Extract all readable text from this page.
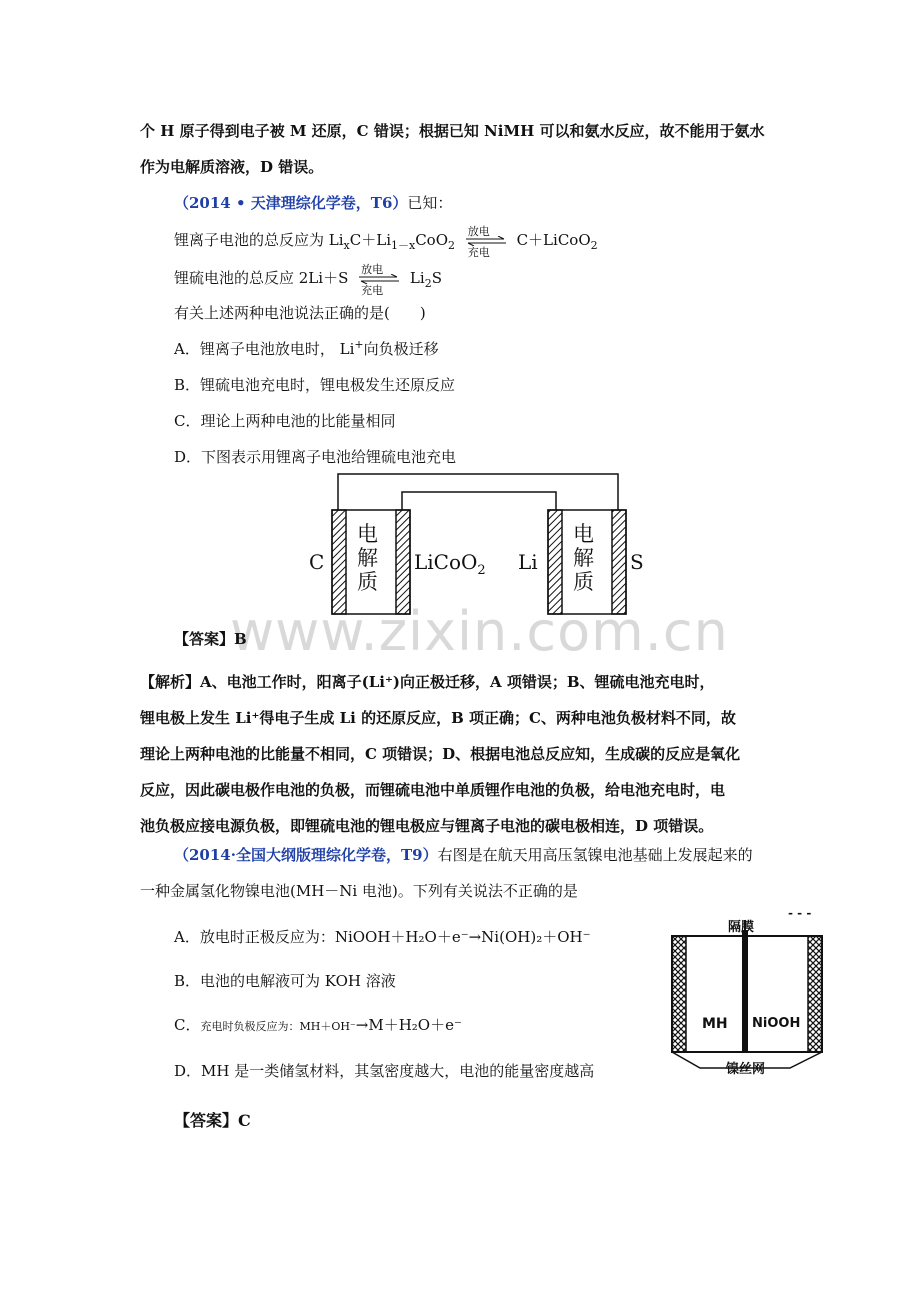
个 H 原子得到电子被 M 还原，C 错误；根据已知 NiMH 可以和氨水反应，故不能用于氨水
作为电解质溶液，D 错误。
（2014 • 天津理综化学卷，T6）已知：
锂离子电池的总反应为 $Li_xC+Li_{1-x}CoO_2$
放电
充电
C＋LiCoO$_2$
锂硫电池的总反应 2Li＋S 放电
充电
$Li_2S$
有关上述两种电池说法正确的是(　　)
A．锂离子电池放电时， Li+向负极迁移
B．锂硫电池充电时，锂电极发生还原反应
C．理论上两种电池的比能量相同
D．下图表示用锂离子电池给锂硫电池充电
电
解
质
电
解
质
C	LiCoO$_2$ Li	S
www.zixin.com.cn
【答案】B
【解析】A、电池工作时，阳离子(Li⁺)向正极迁移，A 项错误；B、锂硫电池充电时，
锂电极上发生 Li⁺得电子生成 Li 的还原反应，B 项正确；C、两种电池负极材料不同，故
理论上两种电池的比能量不相同，C 项错误；D、根据电池总反应知，生成碳的反应是氧化
反应，因此碳电极作电池的负极，而锂硫电池中单质锂作电池的负极，给电池充电时，电
池负极应接电源负极，即锂硫电池的锂电极应与锂离子电池的碳电极相连，D 项错误。
（2014·全国大纲版理综化学卷，T9）右图是在航天用高压氢镍电池基础上发展起来的
一种金属氢化物镍电池(MH－Ni 电池)。下列有关说法不正确的是
A．放电时正极反应为：NiOOH＋H₂O＋e⁻→Ni(OH)₂＋OH⁻
B．电池的电解液可为 KOH 溶液
C．充电时负极反应为：MH＋OH⁻→M＋H₂O＋e⁻
D．MH 是一类储氢材料，其氢密度越大，电池的能量密度越高
隔膜
- - -
MH NiOOH
镍丝网
【答案】C
